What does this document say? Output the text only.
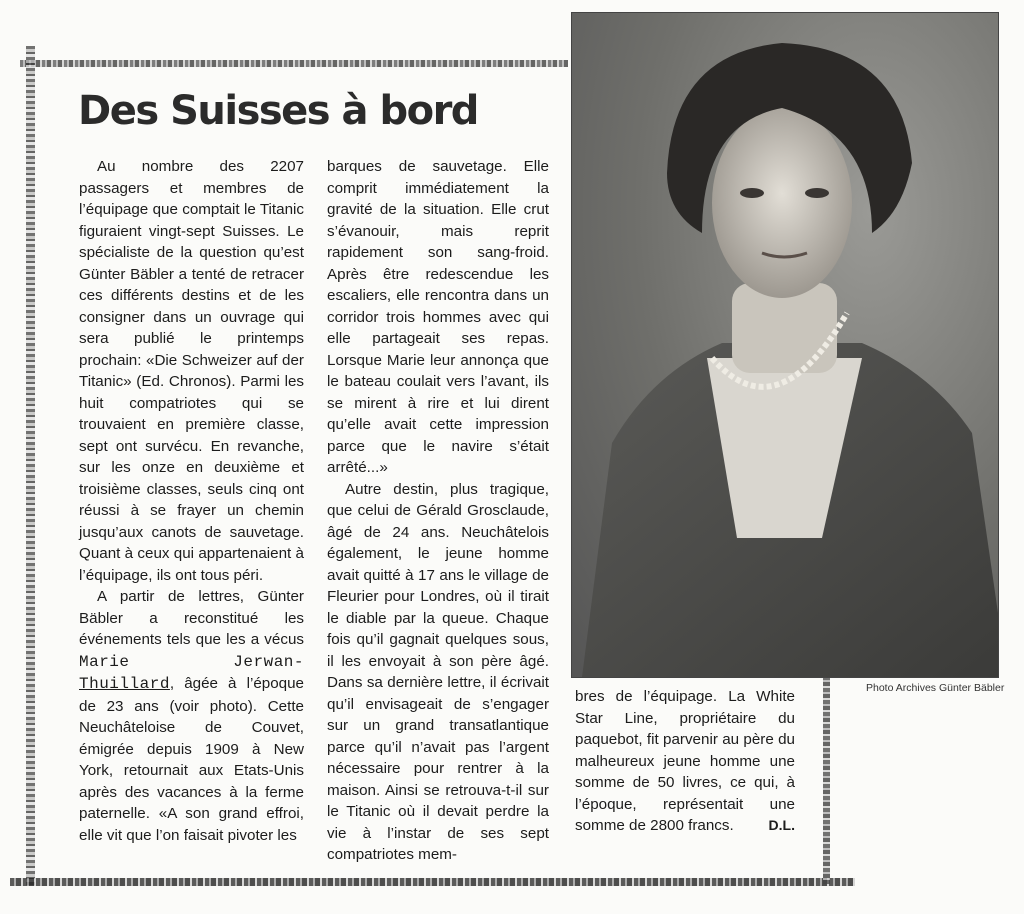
Des Suisses à bord

Au nombre des 2207 passagers et membres de l’équipage que comptait le Titanic figuraient vingt-sept Suisses. Le spécialiste de la question qu’est Günter Bäbler a tenté de retracer ces différents destins et de les consigner dans un ouvrage qui sera publié le printemps prochain: «Die Schweizer auf der Titanic» (Ed. Chronos). Parmi les huit compatriotes qui se trouvaient en première classe, sept ont survécu. En revanche, sur les onze en deuxième et troisième classes, seuls cinq ont réussi à se frayer un chemin jusqu’aux canots de sauvetage. Quant à ceux qui appartenaient à l’équipage, ils ont tous péri.

A partir de lettres, Günter Bäbler a reconstitué les événements tels que les a vécus Marie Jerwan- Thuillard, âgée à l’époque de 23 ans (voir photo). Cette Neuchâteloise de Couvet, émigrée depuis 1909 à New York, retournait aux Etats-Unis après des vacances à la ferme paternelle. «A son grand effroi, elle vit que l’on faisait pivoter les

barques de sauvetage. Elle comprit immédiatement la gravité de la situation. Elle crut s’évanouir, mais reprit rapidement son sang-froid. Après être redescendue les escaliers, elle rencontra dans un corridor trois hommes avec qui elle partageait ses repas. Lorsque Marie leur annonça que le bateau coulait vers l’avant, ils se mirent à rire et lui dirent qu’elle avait cette impression parce que le navire s’était arrêté...»

Autre destin, plus tragique, que celui de Gérald Grosclaude, âgé de 24 ans. Neuchâtelois également, le jeune homme avait quitté à 17 ans le village de Fleurier pour Londres, où il tirait le diable par la queue. Chaque fois qu’il gagnait quelques sous, il les envoyait à son père âgé. Dans sa dernière lettre, il écrivait qu’il envisageait de s’engager sur un grand transatlantique parce qu’il n’avait pas l’argent nécessaire pour rentrer à la maison. Ainsi se retrouva-t-il sur le Titanic où il devait perdre la vie à l’instar de ses sept compatriotes mem-

Photo Archives Günter Bäbler

bres de l’équipage. La White Star Line, propriétaire du paquebot, fit parvenir au père du malheureux jeune homme une somme de 50 livres, ce qui, à l’époque, représentait une somme de 2800 francs. D.L.
